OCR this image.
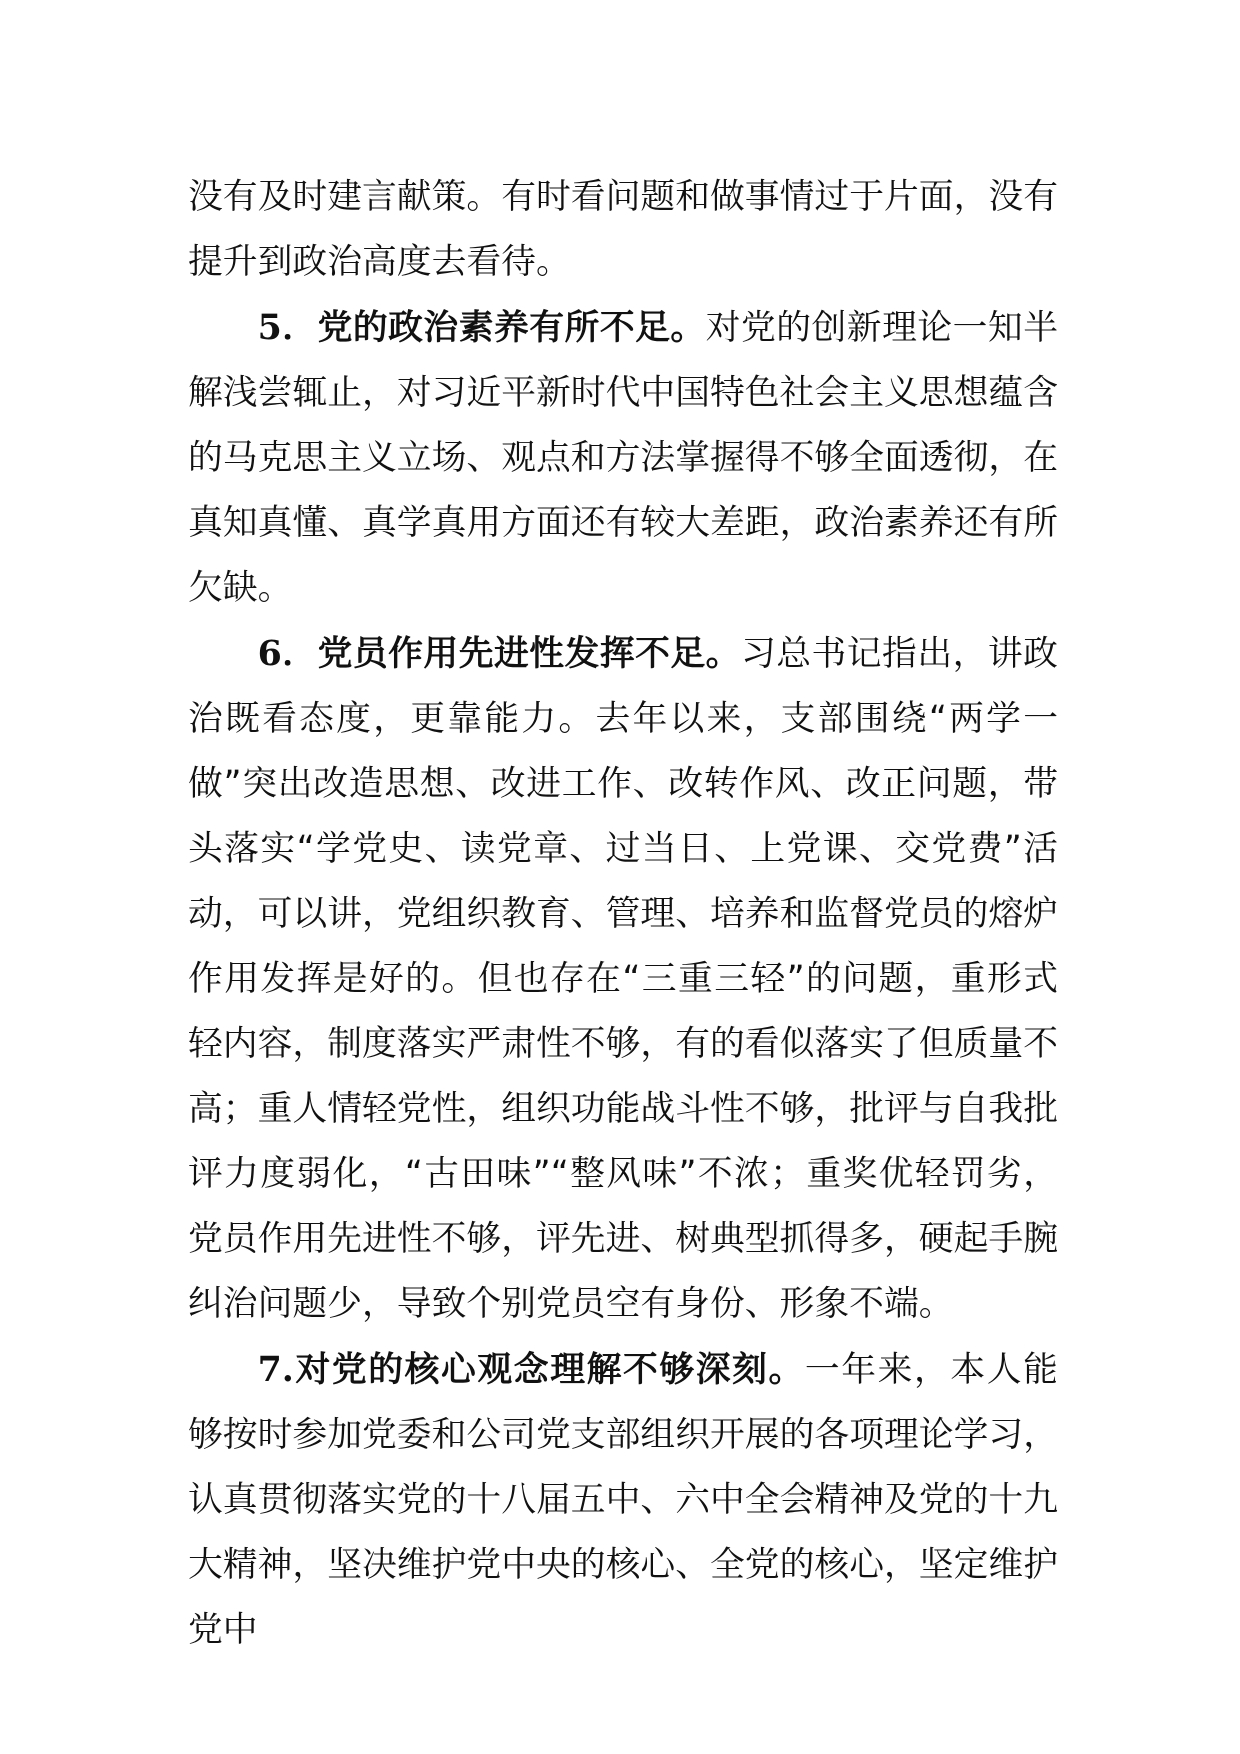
没有及时建言献策。有时看问题和做事情过于片面，没有提升到政治高度去看待。

5．党的政治素养有所不足。对党的创新理论一知半解浅尝辄止，对习近平新时代中国特色社会主义思想蕴含的马克思主义立场、观点和方法掌握得不够全面透彻，在真知真懂、真学真用方面还有较大差距，政治素养还有所欠缺。

6．党员作用先进性发挥不足。习总书记指出，讲政治既看态度，更靠能力。去年以来，支部围绕“两学一做”突出改造思想、改进工作、改转作风、改正问题，带头落实“学党史、读党章、过当日、上党课、交党费”活动，可以讲，党组织教育、管理、培养和监督党员的熔炉作用发挥是好的。但也存在“三重三轻”的问题，重形式轻内容，制度落实严肃性不够，有的看似落实了但质量不高；重人情轻党性，组织功能战斗性不够，批评与自我批评力度弱化，“古田味”“整风味”不浓；重奖优轻罚劣，党员作用先进性不够，评先进、树典型抓得多，硬起手腕纠治问题少，导致个别党员空有身份、形象不端。

7.对党的核心观念理解不够深刻。一年来，本人能够按时参加党委和公司党支部组织开展的各项理论学习，认真贯彻落实党的十八届五中、六中全会精神及党的十九大精神，坚决维护党中央的核心、全党的核心，坚定维护党中
